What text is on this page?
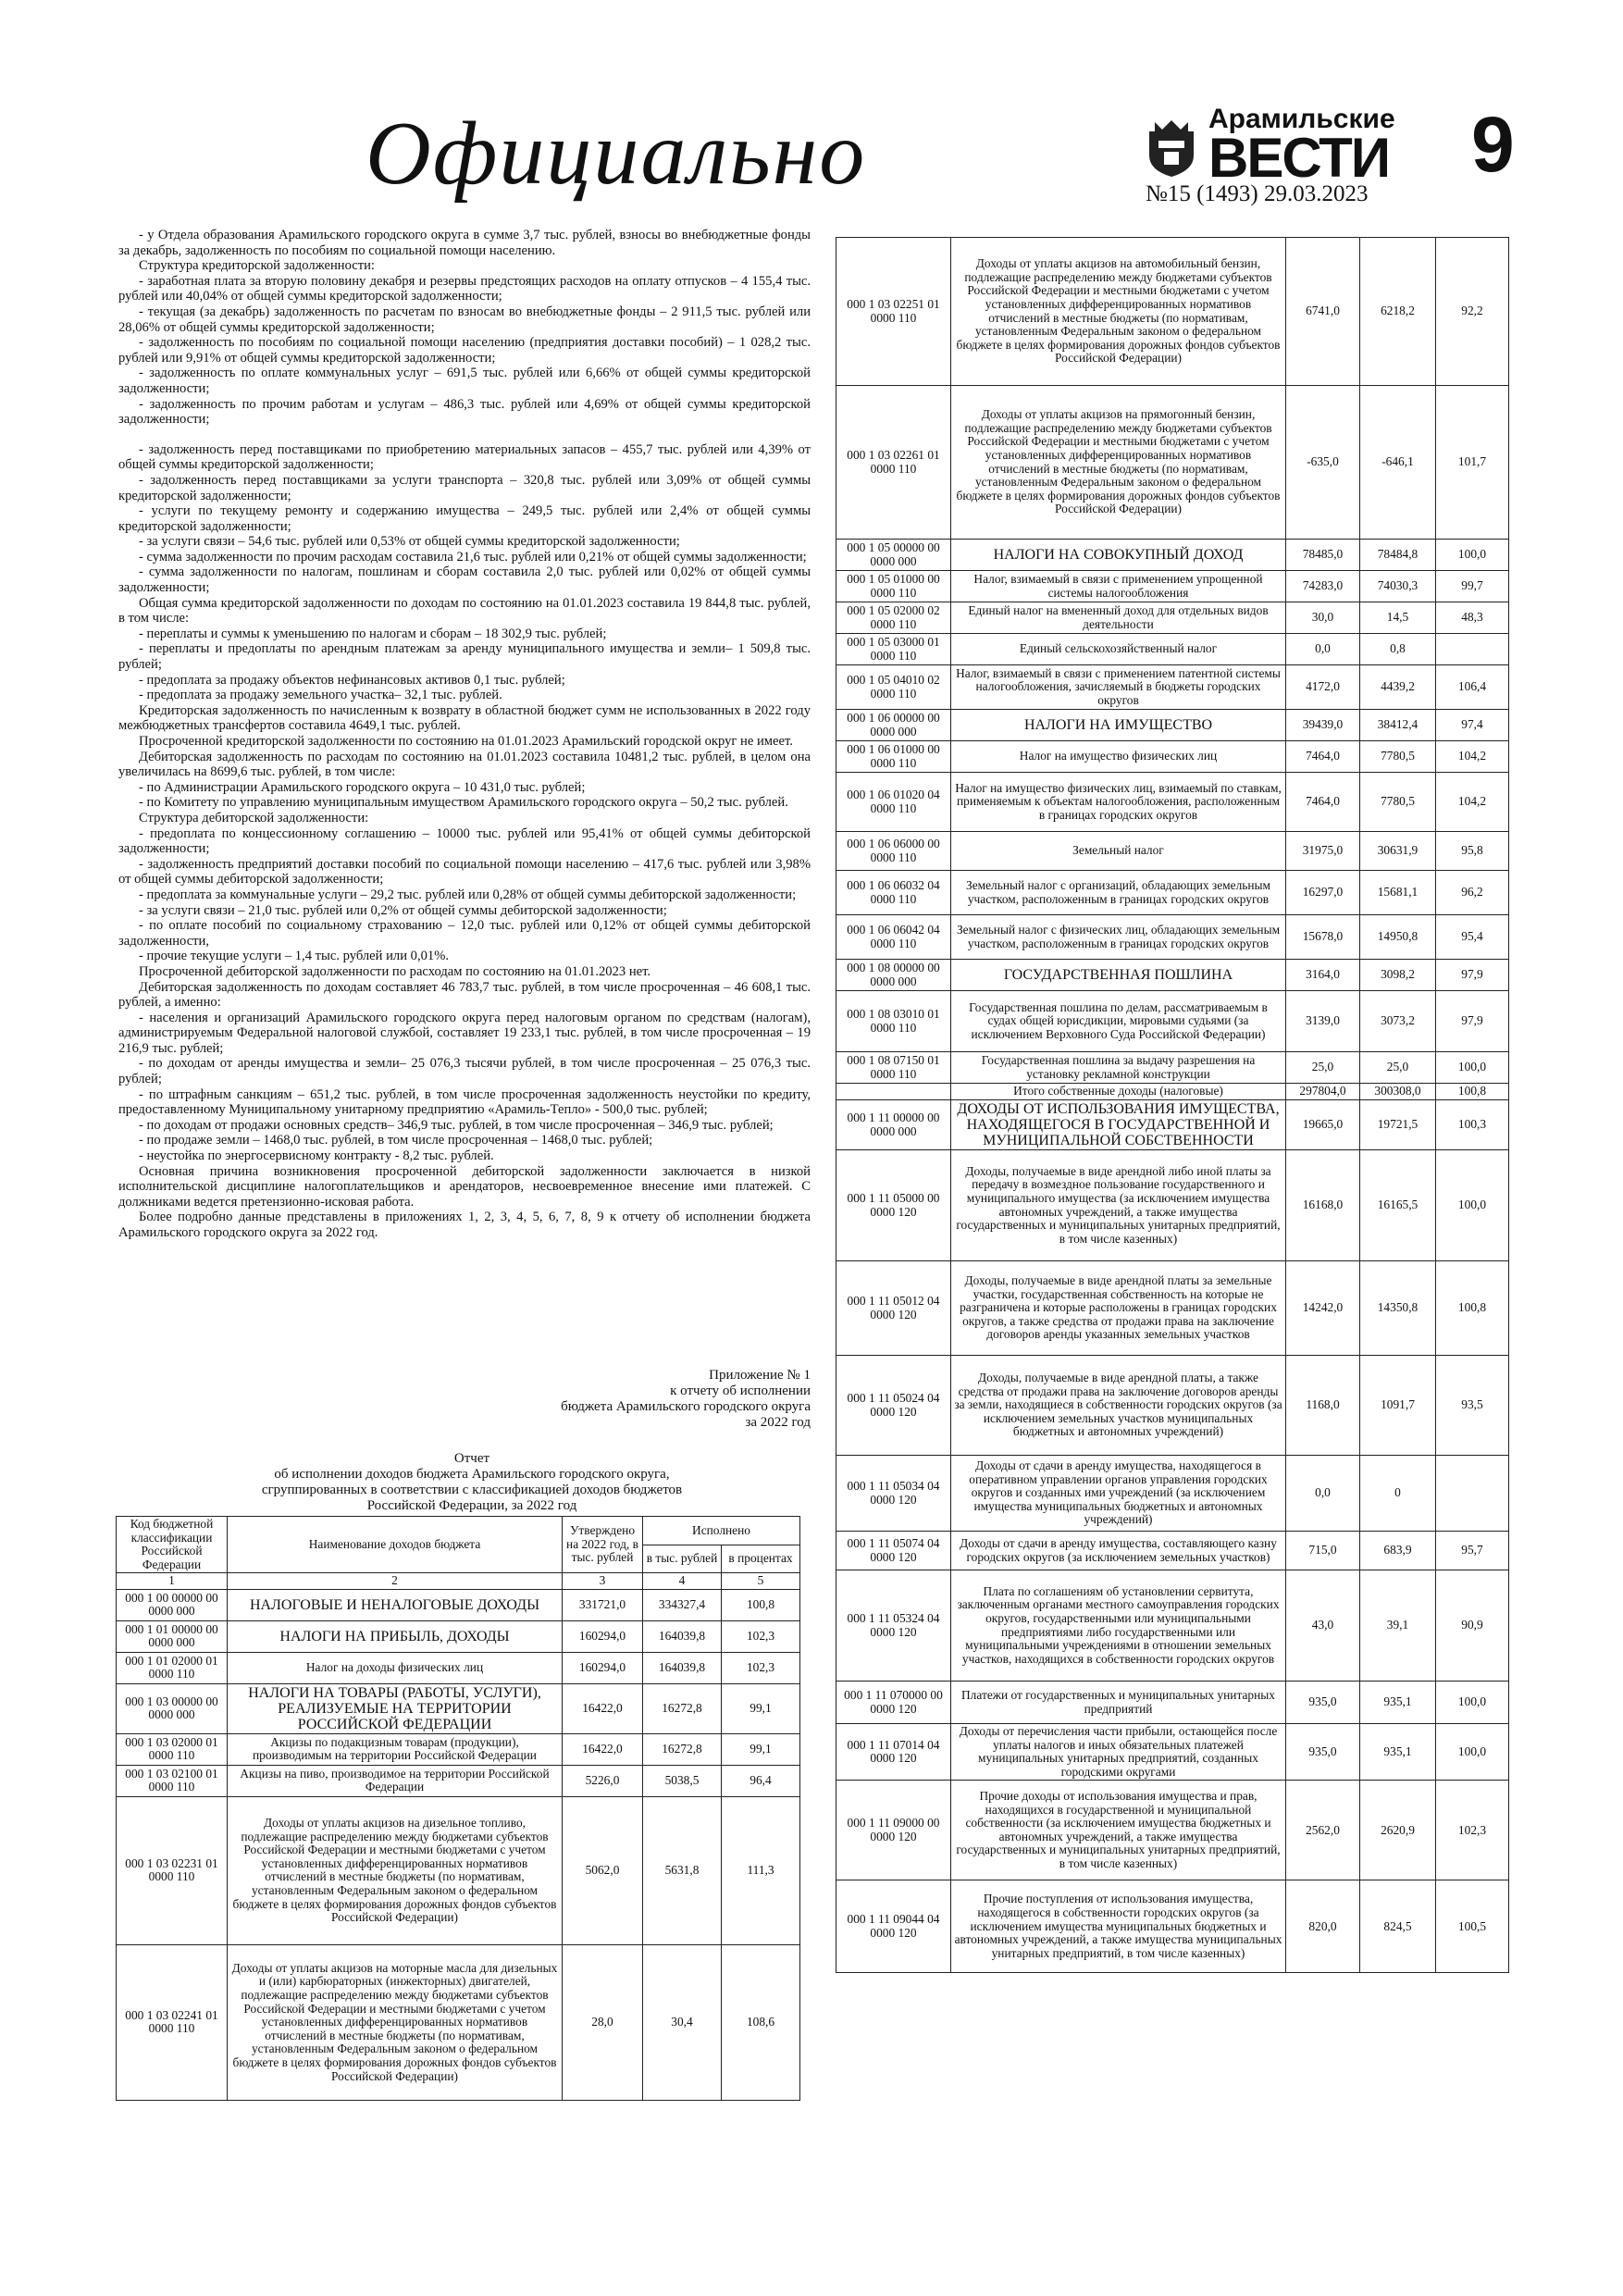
Официально	Арамильские
ВЕСТИ
№15 (1493) 29.03.2023
9

- у Отдела образования Арамильского городского округа в сумме 3,7 тыс. рублей, взносы во внебюджетные фонды за декабрь, задолженность по пособиям по социальной помощи населению.

Структура кредиторской задолженности:

- заработная плата за вторую половину декабря и резервы предстоящих расходов на оплату отпусков – 4 155,4 тыс. рублей или 40,04% от общей суммы кредиторской задолженности;

- текущая (за декабрь) задолженность по расчетам по взносам во внебюджетные фонды – 2 911,5 тыс. рублей или 28,06% от общей суммы кредиторской задолженности;

- задолженность по пособиям по социальной помощи населению (предприятия доставки пособий) – 1 028,2 тыс. рублей или 9,91% от общей суммы кредиторской задолженности;

- задолженность по оплате коммунальных услуг – 691,5 тыс. рублей или 6,66% от общей суммы кредиторской задолженности;

- задолженность по прочим работам и услугам – 486,3 тыс. рублей или 4,69% от общей суммы кредиторской задолженности;

- задолженность перед поставщиками по приобретению материальных запасов – 455,7 тыс. рублей или 4,39% от общей суммы кредиторской задолженности;

- задолженность перед поставщиками за услуги транспорта – 320,8 тыс. рублей или 3,09% от общей суммы кредиторской задолженности;

- услуги по текущему ремонту и содержанию имущества – 249,5 тыс. рублей или 2,4% от общей суммы кредиторской задолженности;

- за услуги связи – 54,6 тыс. рублей или 0,53% от общей суммы кредиторской задолженности;

- сумма задолженности по прочим расходам составила 21,6 тыс. рублей или 0,21% от общей суммы задолженности;

- сумма задолженности по налогам, пошлинам и сборам составила 2,0 тыс. рублей или 0,02% от общей суммы задолженности;

Общая сумма кредиторской задолженности по доходам по состоянию на 01.01.2023 составила 19 844,8 тыс. рублей, в том числе:

- переплаты и суммы к уменьшению по налогам и сборам – 18 302,9 тыс. рублей;

- переплаты и предоплаты по арендным платежам за аренду муниципального имущества и земли– 1 509,8 тыс. рублей;

- предоплата за продажу объектов нефинансовых активов 0,1 тыс. рублей;

- предоплата за продажу земельного участка– 32,1 тыс. рублей.

Кредиторская задолженность по начисленным к возврату в областной бюджет сумм не использованных в 2022 году межбюджетных трансфертов составила 4649,1 тыс. рублей.

Просроченной кредиторской задолженности по состоянию на 01.01.2023 Арамильский городской округ не имеет.

Дебиторская задолженность по расходам по состоянию на 01.01.2023 составила 10481,2 тыс. рублей, в целом она увеличилась на 8699,6 тыс. рублей, в том числе:

- по Администрации Арамильского городского округа – 10 431,0 тыс. рублей;

- по Комитету по управлению муниципальным имуществом Арамильского городского округа – 50,2 тыс. рублей.

Структура дебиторской задолженности:

- предоплата по концессионному соглашению – 10000 тыс. рублей или 95,41% от общей суммы дебиторской задолженности;

- задолженность предприятий доставки пособий по социальной помощи населению – 417,6 тыс. рублей или 3,98% от общей суммы дебиторской задолженности;

- предоплата за коммунальные услуги – 29,2 тыс. рублей или 0,28% от общей суммы дебиторской задолженности;

- за услуги связи – 21,0 тыс. рублей или 0,2% от общей суммы дебиторской задолженности;

- по оплате пособий по социальному страхованию – 12,0 тыс. рублей или 0,12% от общей суммы дебиторской задолженности,

- прочие текущие услуги – 1,4 тыс. рублей или 0,01%.

Просроченной дебиторской задолженности по расходам по состоянию на 01.01.2023 нет.

Дебиторская задолженность по доходам составляет 46 783,7 тыс. рублей, в том числе просроченная – 46 608,1 тыс. рублей, а именно:

- населения и организаций Арамильского городского округа перед налоговым органом по средствам (налогам), администрируемым Федеральной налоговой службой, составляет 19 233,1 тыс. рублей, в том числе просроченная – 19 216,9 тыс. рублей;

- по доходам от аренды имущества и земли– 25 076,3 тысячи рублей, в том числе просроченная – 25 076,3 тыс. рублей;

- по штрафным санкциям – 651,2 тыс. рублей, в том числе просроченная задолженность неустойки по кредиту, предоставленному Муниципальному унитарному предприятию «Арамиль-Тепло» - 500,0 тыс. рублей;

- по доходам от продажи основных средств– 346,9 тыс. рублей, в том числе просроченная – 346,9 тыс. рублей;

- по продаже земли – 1468,0 тыс. рублей, в том числе просроченная – 1468,0 тыс. рублей;

- неустойка по энергосервисному контракту - 8,2 тыс. рублей.

Основная причина возникновения просроченной дебиторской задолженности заключается в низкой исполнительской дисциплине налогоплательщиков и арендаторов, несвоевременное внесение ими платежей. С должниками ведется претензионно-исковая работа.

Более подробно данные представлены в приложениях 1, 2, 3, 4, 5, 6, 7, 8, 9 к отчету об исполнении бюджета Арамильского городского округа за 2022 год.

Приложение № 1
к отчету об исполнении
бюджета Арамильского городского округа
за 2022 год
Отчет
об исполнении доходов бюджета Арамильского городского округа,
сгруппированных в соответствии с классификацией доходов бюджетов
Российской Федерации, за 2022 год
Код бюджетной классификации Российской Федерации	Наименование доходов бюджета	Утверждено на 2022 год, в тыс. рублей	Исполнено	
			в тыс. рублей	в процентах
1	2	3	4	5
000 1 00 00000 00 0000 000	НАЛОГОВЫЕ И НЕНАЛОГОВЫЕ ДОХОДЫ	331721,0	334327,4	100,8
000 1 01 00000 00 0000 000	НАЛОГИ НА ПРИБЫЛЬ, ДОХОДЫ	160294,0	164039,8	102,3
000 1 01 02000 01 0000 110	Налог на доходы физических лиц	160294,0	164039,8	102,3
000 1 03 00000 00 0000 000	НАЛОГИ НА ТОВАРЫ (РАБОТЫ, УСЛУГИ), РЕАЛИЗУЕМЫЕ НА ТЕРРИТОРИИ РОССИЙСКОЙ ФЕДЕРАЦИИ	16422,0	16272,8	99,1
000 1 03 02000 01 0000 110	Акцизы по подакцизным товарам (продукции), производимым на территории Российской Федерации	16422,0	16272,8	99,1
000 1 03 02100 01 0000 110	Акцизы на пиво, производимое на территории Российской Федерации	5226,0	5038,5	96,4
000 1 03 02231 01 0000 110	Доходы от уплаты акцизов на дизельное топливо, подлежащие распределению между бюджетами субъектов Российской Федерации и местными бюджетами с учетом установленных дифференцированных нормативов отчислений в местные бюджеты (по нормативам, установленным Федеральным законом о федеральном бюджете в целях формирования дорожных фондов субъектов Российской Федерации)	5062,0	5631,8	111,3
000 1 03 02241 01 0000 110	Доходы от уплаты акцизов на моторные масла для дизельных и (или) карбюраторных (инжекторных) двигателей, подлежащие распределению между бюджетами субъектов Российской Федерации и местными бюджетами с учетом установленных дифференцированных нормативов отчислений в местные бюджеты (по нормативам, установленным Федеральным законом о федеральном бюджете в целях формирования дорожных фондов субъектов Российской Федерации)	28,0	30,4	108,6
000 1 03 02251 01 0000 110	Доходы от уплаты акцизов на автомобильный бензин, подлежащие распределению между бюджетами субъектов Российской Федерации и местными бюджетами с учетом установленных дифференцированных нормативов отчислений в местные бюджеты (по нормативам, установленным Федеральным законом о федеральном бюджете в целях формирования дорожных фондов субъектов Российской Федерации)	6741,0	6218,2	92,2
000 1 03 02261 01 0000 110	Доходы от уплаты акцизов на прямогонный бензин, подлежащие распределению между бюджетами субъектов Российской Федерации и местными бюджетами с учетом установленных дифференцированных нормативов отчислений в местные бюджеты (по нормативам, установленным Федеральным законом о федеральном бюджете в целях формирования дорожных фондов субъектов Российской Федерации)	-635,0	-646,1	101,7
000 1 05 00000 00 0000 000	НАЛОГИ НА СОВОКУПНЫЙ ДОХОД	78485,0	78484,8	100,0
000 1 05 01000 00 0000 110	Налог, взимаемый в связи с применением упрощенной системы налогообложения	74283,0	74030,3	99,7
000 1 05 02000 02 0000 110	Единый налог на вмененный доход для отдельных видов деятельности	30,0	14,5	48,3
000 1 05 03000 01 0000 110	Единый сельскохозяйственный налог	0,0	0,8	
000 1 05 04010 02 0000 110	Налог, взимаемый в связи с применением патентной системы налогообложения, зачисляемый в бюджеты городских округов	4172,0	4439,2	106,4
000 1 06 00000 00 0000 000	НАЛОГИ НА ИМУЩЕСТВО	39439,0	38412,4	97,4
000 1 06 01000 00 0000 110	Налог на имущество физических лиц	7464,0	7780,5	104,2
000 1 06 01020 04 0000 110	Налог на имущество физических лиц, взимаемый по ставкам, применяемым к объектам налогообложения, расположенным в границах городских округов	7464,0	7780,5	104,2
000 1 06 06000 00 0000 110	Земельный налог	31975,0	30631,9	95,8
000 1 06 06032 04 0000 110	Земельный налог с организаций, обладающих земельным участком, расположенным в границах городских округов	16297,0	15681,1	96,2
000 1 06 06042 04 0000 110	Земельный налог с физических лиц, обладающих земельным участком, расположенным в границах городских округов	15678,0	14950,8	95,4
000 1 08 00000 00 0000 000	ГОСУДАРСТВЕННАЯ ПОШЛИНА	3164,0	3098,2	97,9
000 1 08 03010 01 0000 110	Государственная пошлина по делам, рассматриваемым в судах общей юрисдикции, мировыми судьями (за исключением Верховного Суда Российской Федерации)	3139,0	3073,2	97,9
000 1 08 07150 01 0000 110	Государственная пошлина за выдачу разрешения на установку рекламной конструкции	25,0	25,0	100,0
	Итого собственные доходы (налоговые)	297804,0	300308,0	100,8
000 1 11 00000 00 0000 000	ДОХОДЫ ОТ ИСПОЛЬЗОВАНИЯ ИМУЩЕСТВА, НАХОДЯЩЕГОСЯ В ГОСУДАРСТВЕННОЙ И МУНИЦИПАЛЬНОЙ СОБСТВЕННОСТИ	19665,0	19721,5	100,3
000 1 11 05000 00 0000 120	Доходы, получаемые в виде арендной либо иной платы за передачу в возмездное пользование государственного и муниципального имущества (за исключением имущества автономных учреждений, а также имущества государственных и муниципальных унитарных предприятий, в том числе казенных)	16168,0	16165,5	100,0
000 1 11 05012 04 0000 120	Доходы, получаемые в виде арендной платы за земельные участки, государственная собственность на которые не разграничена и которые расположены в границах городских округов, а также средства от продажи права на заключение договоров аренды указанных земельных участков	14242,0	14350,8	100,8
000 1 11 05024 04 0000 120	Доходы, получаемые в виде арендной платы, а также средства от продажи права на заключение договоров аренды за земли, находящиеся в собственности городских округов (за исключением земельных участков муниципальных бюджетных и автономных учреждений)	1168,0	1091,7	93,5
000 1 11 05034 04 0000 120	Доходы от сдачи в аренду имущества, находящегося в оперативном управлении органов управления городских округов и созданных ими учреждений (за исключением имущества муниципальных бюджетных и автономных учреждений)	0,0	0	
000 1 11 05074 04 0000 120	Доходы от сдачи в аренду имущества, составляющего казну городских округов (за исключением земельных участков)	715,0	683,9	95,7
000 1 11 05324 04 0000 120	Плата по соглашениям об установлении сервитута, заключенным органами местного самоуправления городских округов, государственными или муниципальными предприятиями либо государственными или муниципальными учреждениями в отношении земельных участков, находящихся в собственности городских округов	43,0	39,1	90,9
000 1 11 070000 00 0000 120	Платежи от государственных и муниципальных унитарных предприятий	935,0	935,1	100,0
000 1 11 07014 04 0000 120	Доходы от перечисления части прибыли, остающейся после уплаты налогов и иных обязательных платежей муниципальных унитарных предприятий, созданных городскими округами	935,0	935,1	100,0
000 1 11 09000 00 0000 120	Прочие доходы от использования имущества и прав, находящихся в государственной и муниципальной собственности (за исключением имущества бюджетных и автономных учреждений, а также имущества государственных и муниципальных унитарных предприятий, в том числе казенных)	2562,0	2620,9	102,3
000 1 11 09044 04 0000 120	Прочие поступления от использования имущества, находящегося в собственности городских округов (за исключением имущества муниципальных бюджетных и автономных учреждений, а также имущества муниципальных унитарных предприятий, в том числе казенных)	820,0	824,5	100,5
